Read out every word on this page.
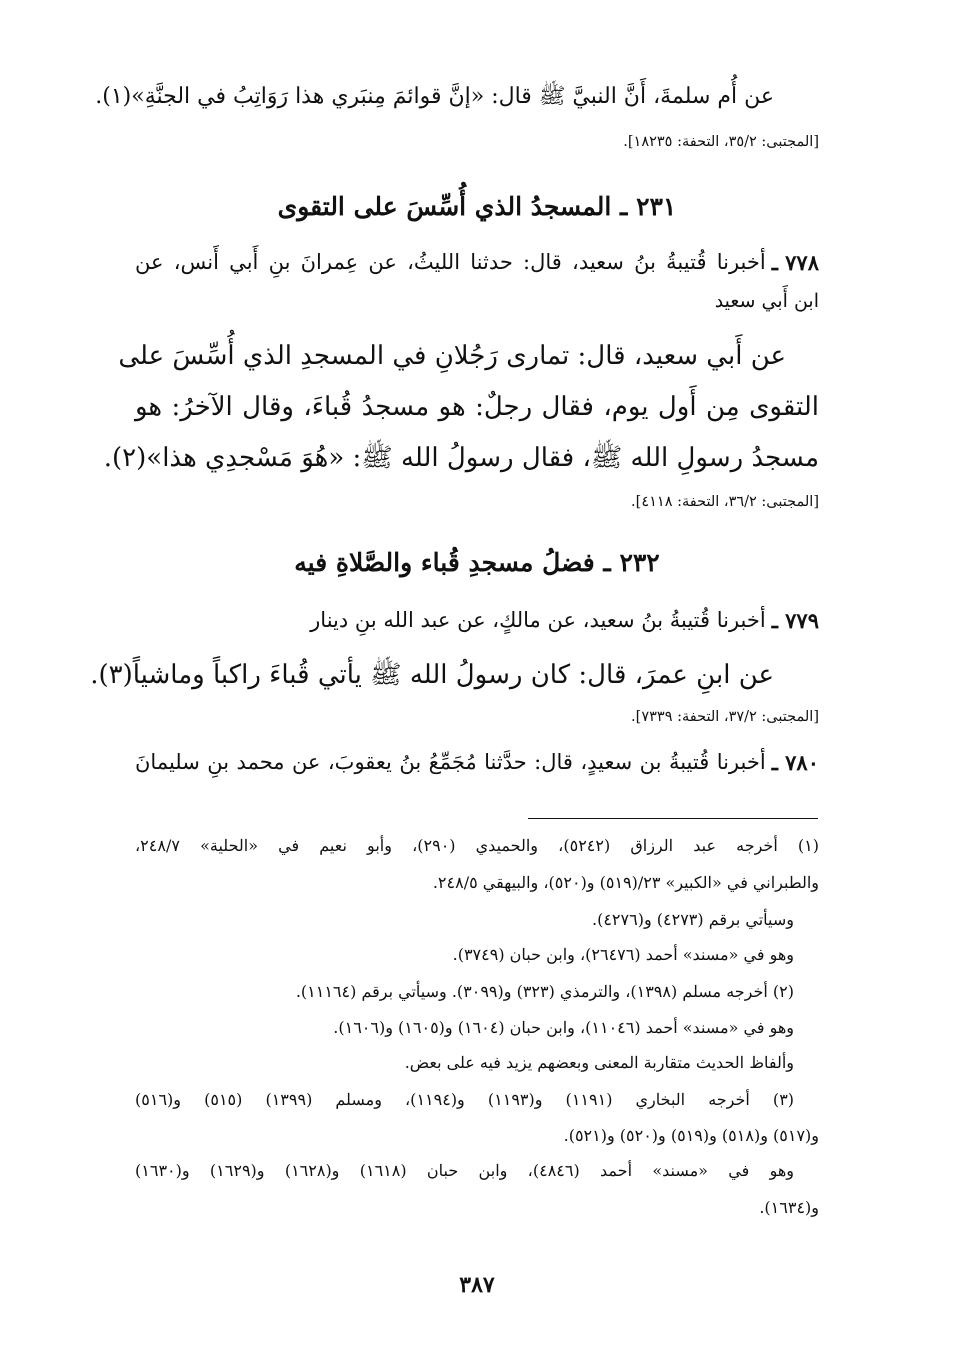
عن أُم سلمةَ، أَنَّ النبيَّ ﷺ قال: «إنَّ قوائمَ مِنبَري هذا رَوَاتِبُ في الجنَّةِ»(١).
[المجتبى: ٣٥/٢، التحفة: ١٨٢٣٥].
٢٣١ ـ المسجدُ الذي أُسِّسَ على التقوى
٧٧٨ ـ
أخبرنا قُتيبةُ بنُ سعيد، قال: حدثنا الليثُ، عن عِمرانَ بنِ أَبي أَنس، عن
ابن أَبي سعيد
عن أَبي سعيد، قال: تمارى رَجُلانِ في المسجدِ الذي أُسِّسَ على
التقوى مِن أَول يوم، فقال رجلٌ: هو مسجدُ قُباءَ، وقال الآخرُ: هو
مسجدُ رسولِ الله ﷺ، فقال رسولُ الله ﷺ: «هُوَ مَسْجدِي هذا»(٢).
[المجتبى: ٣٦/٢، التحفة: ٤١١٨].
٢٣٢ ـ فضلُ مسجدِ قُباء والصَّلاةِ فيه
٧٧٩ ـ
أخبرنا قُتيبةُ بنُ سعيد، عن مالكٍ، عن عبد الله بنِ دينار
عن ابنِ عمرَ، قال: كان رسولُ الله ﷺ يأتي قُباءَ راكباً وماشياً(٣).
[المجتبى: ٣٧/٢، التحفة: ٧٣٣٩].
٧٨٠ ـ
أخبرنا قُتيبةُ بن سعيدٍ، قال: حدَّثنا مُجَمِّعُ بنُ يعقوبَ، عن محمد بنِ سليمانَ
(١) أخرجه عبد الرزاق (٥٢٤٢)، والحميدي (٢٩٠)، وأبو نعيم في «الحلية» ٢٤٨/٧،
والطبراني في «الكبير» ٢٣/(٥١٩) و(٥٢٠)، والبيهقي ٢٤٨/٥.
وسيأتي برقم (٤٢٧٣) و(٤٢٧٦).
وهو في «مسند» أحمد (٢٦٤٧٦)، وابن حبان (٣٧٤٩).
(٢) أخرجه مسلم (١٣٩٨)، والترمذي (٣٢٣) و(٣٠٩٩). وسيأتي برقم (١١١٦٤).
وهو في «مسند» أحمد (١١٠٤٦)، وابن حبان (١٦٠٤) و(١٦٠٥) و(١٦٠٦).
وألفاظ الحديث متقاربة المعنى وبعضهم يزيد فيه على بعض.
(٣) أخرجه البخاري (١١٩١) و(١١٩٣) و(١١٩٤)، ومسلم (١٣٩٩) (٥١٥) و(٥١٦)
و(٥١٧) و(٥١٨) و(٥١٩) و(٥٢٠) و(٥٢١).
وهو في «مسند» أحمد (٤٨٤٦)، وابن حبان (١٦١٨) و(١٦٢٨) و(١٦٢٩) و(١٦٣٠)
و(١٦٣٤).
٣٨٧
